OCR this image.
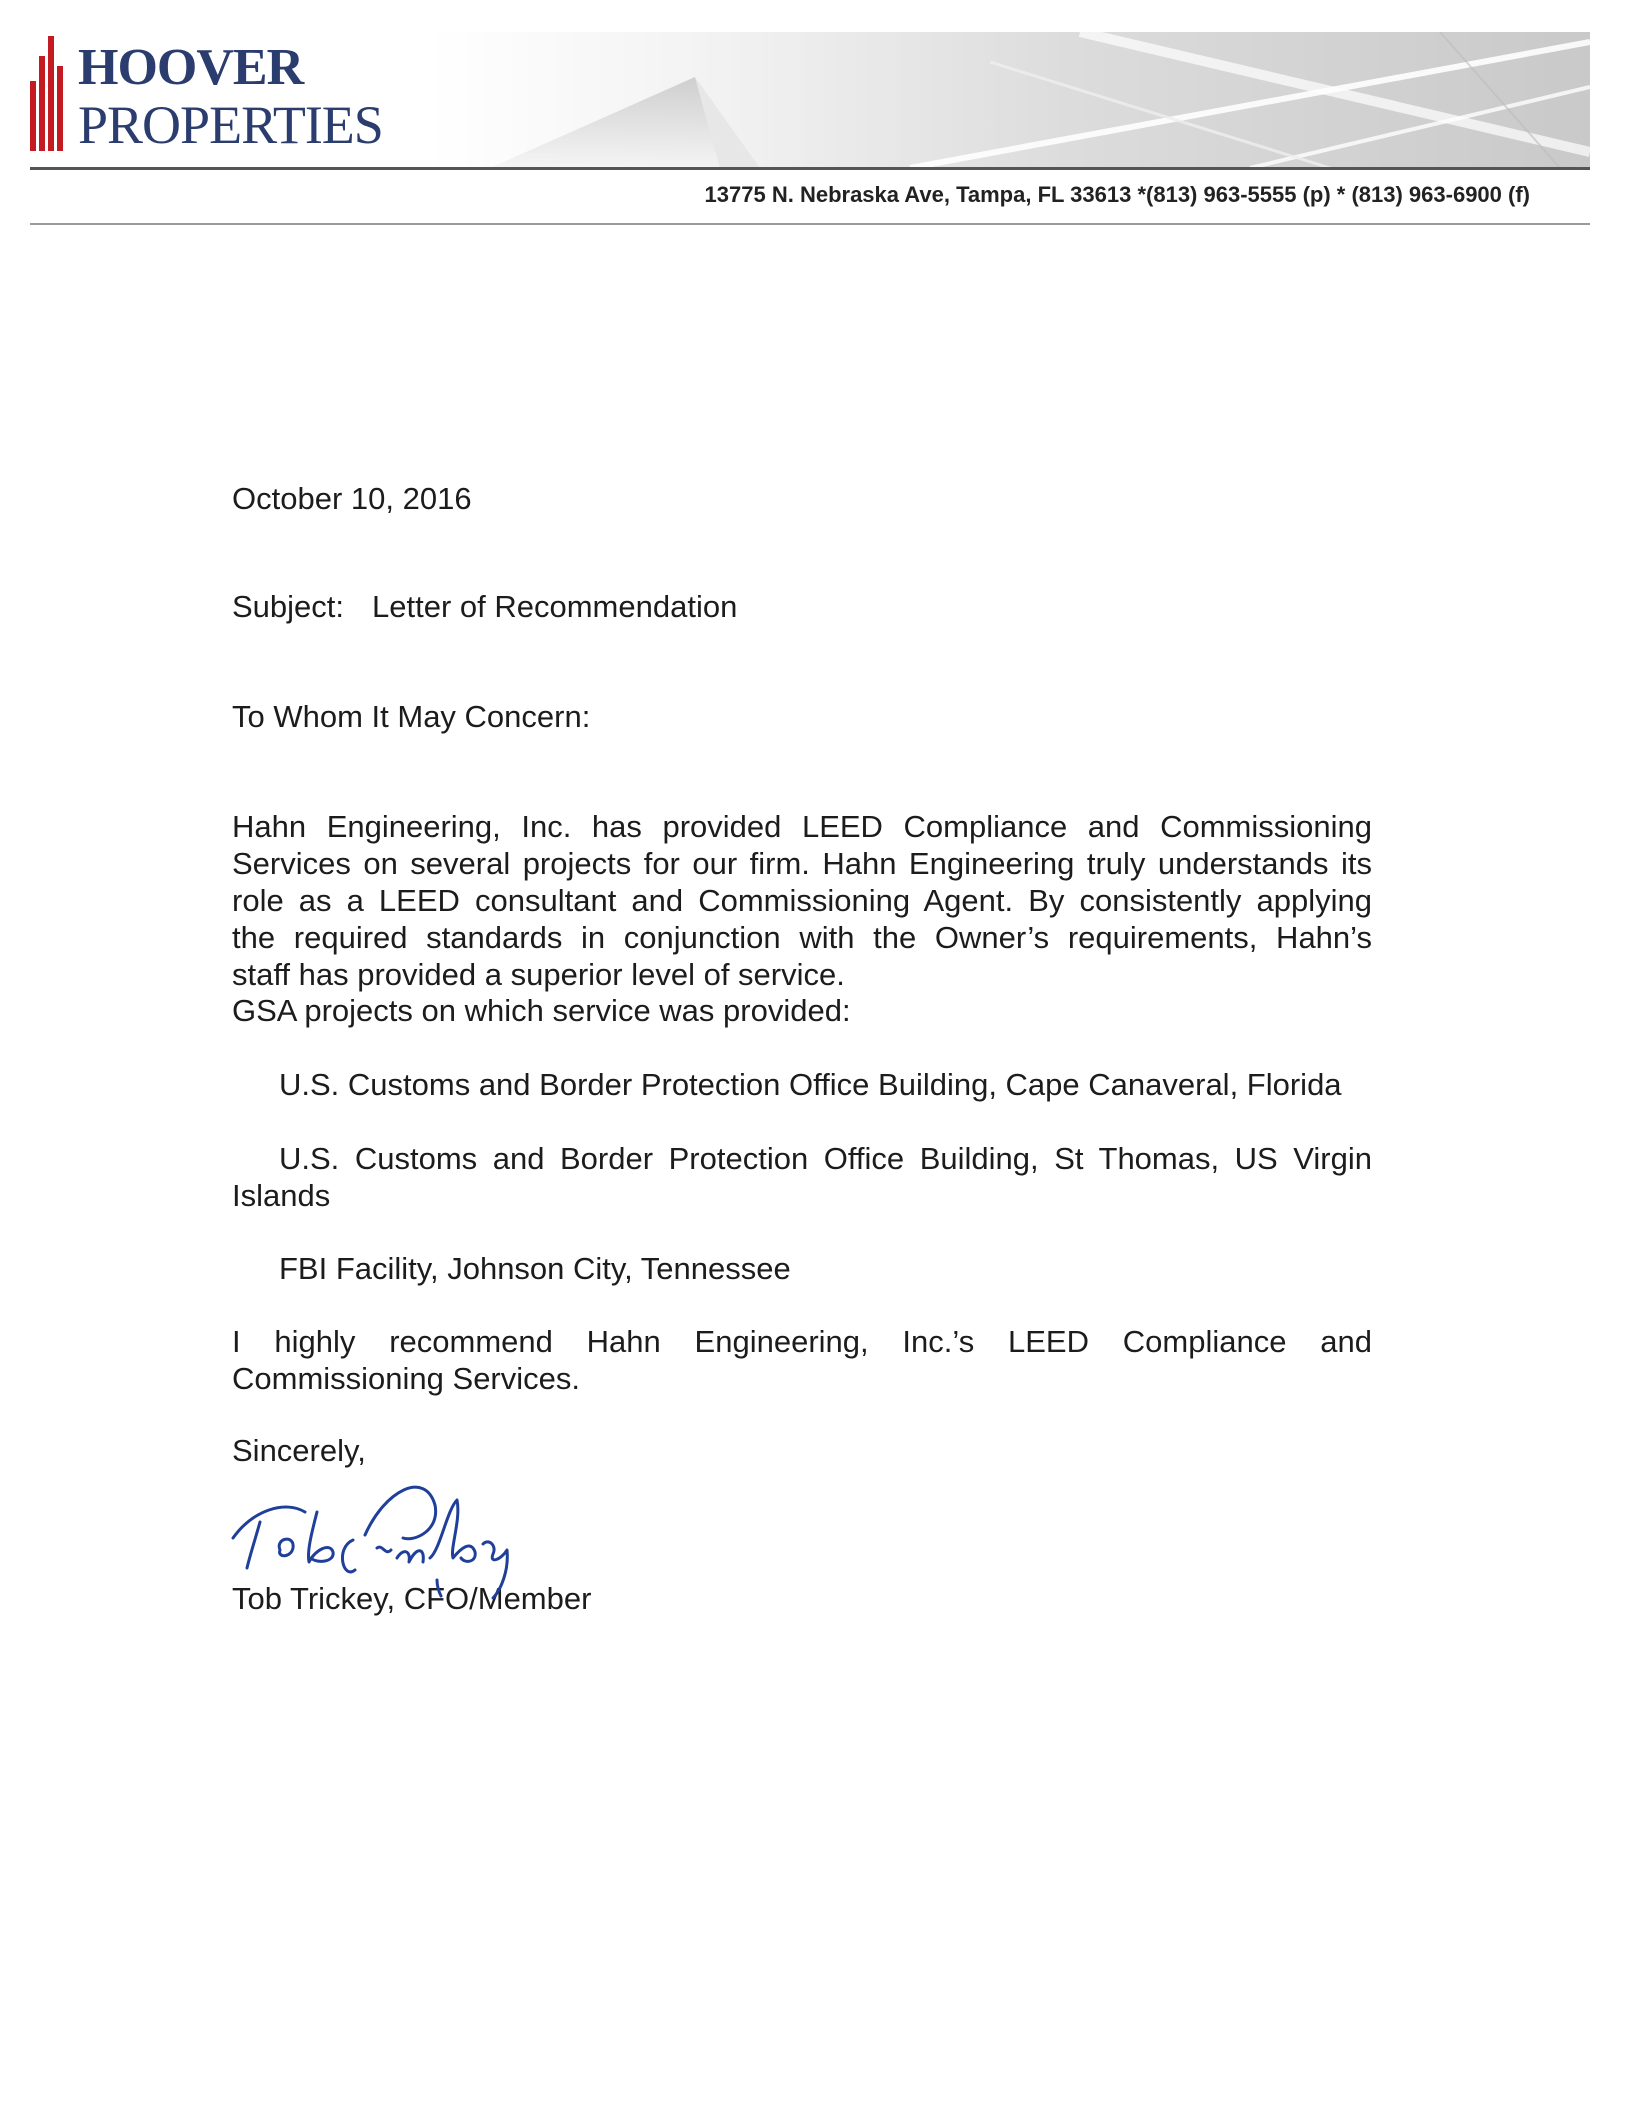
HOOVER
PROPERTIES
13775 N. Nebraska Ave, Tampa, FL 33613 *(813) 963-5555 (p) * (813) 963-6900 (f)
October 10, 2016
Subject: Letter of Recommendation
To Whom It May Concern:
Hahn Engineering, Inc. has provided LEED Compliance and Commissioning
Services on several projects for our firm. Hahn Engineering truly understands its
role as a LEED consultant and Commissioning Agent. By consistently applying
the required standards in conjunction with the Owner’s requirements, Hahn’s
staff has provided a superior level of service.
GSA projects on which service was provided:
U.S. Customs and Border Protection Office Building, Cape Canaveral, Florida
U.S. Customs and Border Protection Office Building, St Thomas, US Virgin Islands
FBI Facility, Johnson City, Tennessee
I highly recommend Hahn Engineering, Inc.’s LEED Compliance and
Commissioning Services.
Sincerely,
Tob Trickey, CFO/Member
